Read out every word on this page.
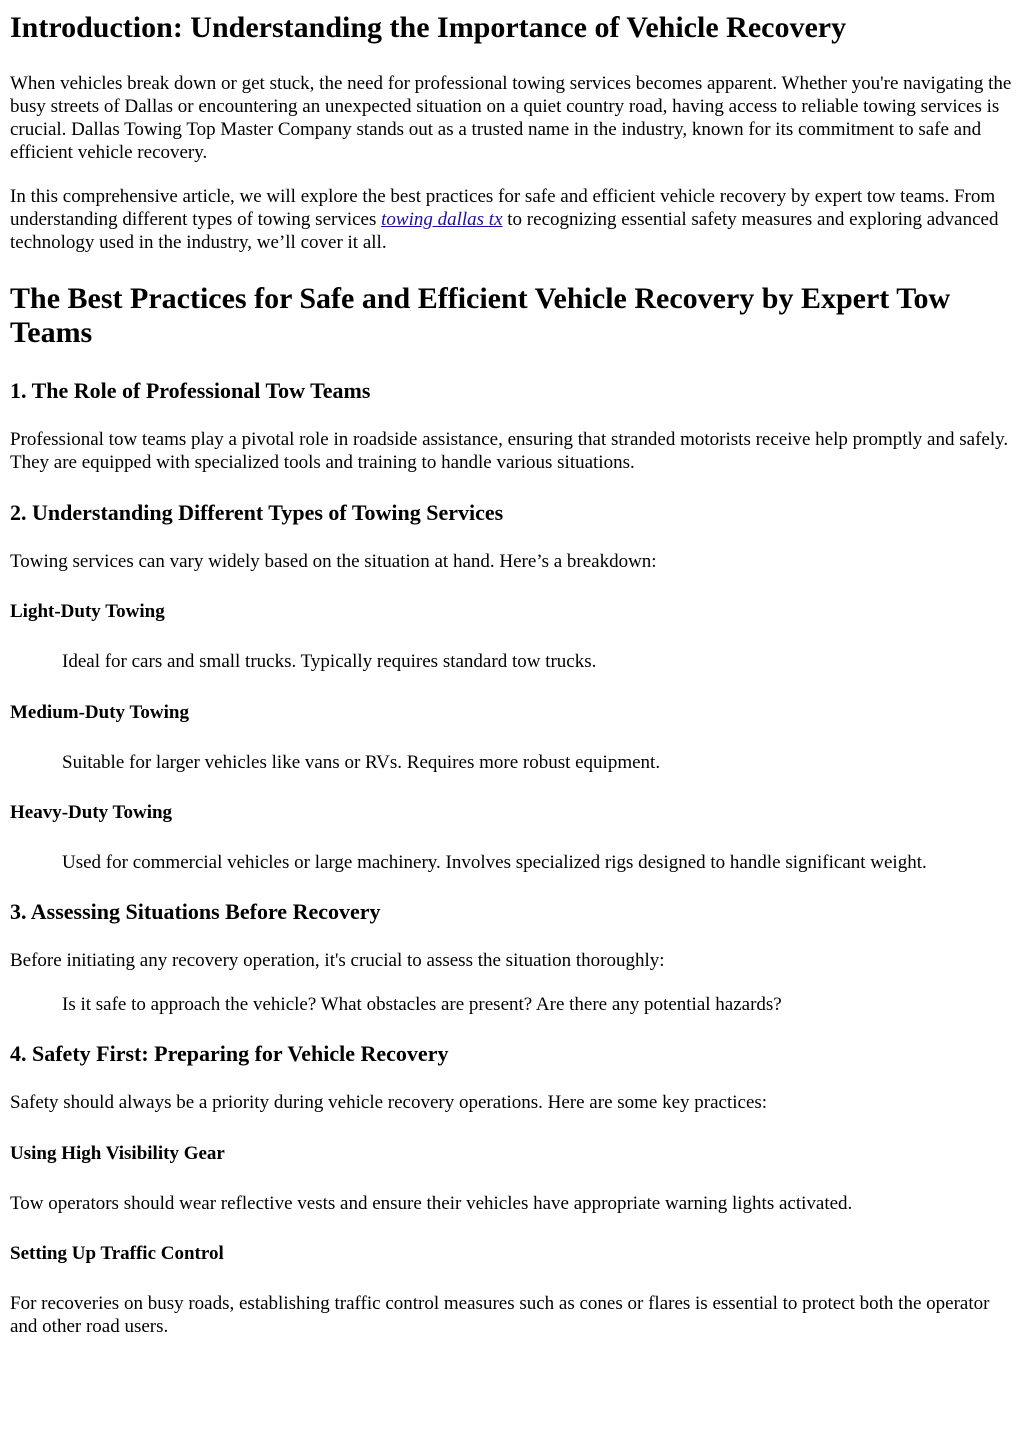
Introduction: Understanding the Importance of Vehicle Recovery

When vehicles break down or get stuck, the need for professional towing services becomes apparent. Whether you're navigating the busy streets of Dallas or encountering an unexpected situation on a quiet country road, having access to reliable towing services is crucial. Dallas Towing Top Master Company stands out as a trusted name in the industry, known for its commitment to safe and efficient vehicle recovery.

In this comprehensive article, we will explore the best practices for safe and efficient vehicle recovery by expert tow teams. From understanding different types of towing services towing dallas tx to recognizing essential safety measures and exploring advanced technology used in the industry, we’ll cover it all.

The Best Practices for Safe and Efficient Vehicle Recovery by Expert Tow Teams
1. The Role of Professional Tow Teams

Professional tow teams play a pivotal role in roadside assistance, ensuring that stranded motorists receive help promptly and safely. They are equipped with specialized tools and training to handle various situations.

2. Understanding Different Types of Towing Services

Towing services can vary widely based on the situation at hand. Here’s a breakdown:

Light-Duty Towing

Ideal for cars and small trucks. Typically requires standard tow trucks.

Medium-Duty Towing

Suitable for larger vehicles like vans or RVs. Requires more robust equipment.

Heavy-Duty Towing

Used for commercial vehicles or large machinery. Involves specialized rigs designed to handle significant weight.

3. Assessing Situations Before Recovery

Before initiating any recovery operation, it's crucial to assess the situation thoroughly:

Is it safe to approach the vehicle? What obstacles are present? Are there any potential hazards?

4. Safety First: Preparing for Vehicle Recovery

Safety should always be a priority during vehicle recovery operations. Here are some key practices:

Using High Visibility Gear

Tow operators should wear reflective vests and ensure their vehicles have appropriate warning lights activated.

Setting Up Traffic Control

For recoveries on busy roads, establishing traffic control measures such as cones or flares is essential to protect both the operator and other road users.
